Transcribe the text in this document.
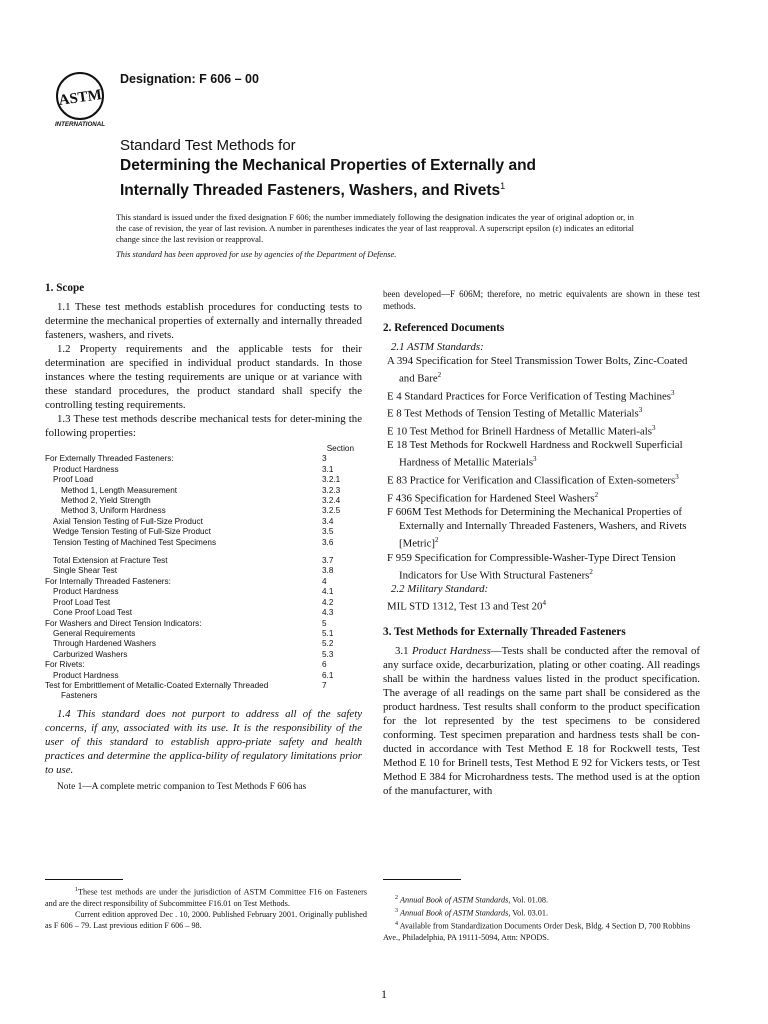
ASTM
INTERNATIONAL
Designation: F 606 – 00
Standard Test Methods for
Determining the Mechanical Properties of Externally and
Internally Threaded Fasteners, Washers, and Rivets$^1$

This standard is issued under the fixed designation F 606; the number immediately following the designation indicates the year of original adoption or, in the case of revision, the year of last revision. A number in parentheses indicates the year of last reapproval. A superscript epsilon (ε) indicates an editorial change since the last revision or reapproval.

This standard has been approved for use by agencies of the Department of Defense.

1. Scope

1.1 These test methods establish procedures for conducting tests to determine the mechanical properties of externally and internally threaded fasteners, washers, and rivets.

1.2 Property requirements and the applicable tests for their determination are specified in individual product standards. In those instances where the testing requirements are unique or at variance with these standard procedures, the product standard shall specify the controlling testing requirements.

1.3 These test methods describe mechanical tests for deter-mining the following properties:

Section
For Externally Threaded Fasteners:	3
Product Hardness	3.1
Proof Load	3.2.1
Method 1, Length Measurement	3.2.3
Method 2, Yield Strength	3.2.4
Method 3, Uniform Hardness	3.2.5
Axial Tension Testing of Full-Size Product	3.4
Wedge Tension Testing of Full-Size Product	3.5
Tension Testing of Machined Test Specimens	3.6
Total Extension at Fracture Test	3.7
Single Shear Test	3.8
For Internally Threaded Fasteners:	4
Product Hardness	4.1
Proof Load Test	4.2
Cone Proof Load Test	4.3
For Washers and Direct Tension Indicators:	5
General Requirements	5.1
Through Hardened Washers	5.2
Carburized Washers	5.3
For Rivets:	6
Product Hardness	6.1
Test for Embrittlement of Metallic-Coated Externally Threaded	7
Fasteners

1.4 This standard does not purport to address all of the safety concerns, if any, associated with its use. It is the responsibility of the user of this standard to establish appro-priate safety and health practices and determine the applica-bility of regulatory limitations prior to use.

Note 1—A complete metric companion to Test Methods F 606 has

been developed—F 606M; therefore, no metric equivalents are shown in these test methods.

2. Referenced Documents

2.1 ASTM Standards:

A 394 Specification for Steel Transmission Tower Bolts, Zinc-Coated and Bare$^2$

E 4 Standard Practices for Force Verification of Testing Machines$^3$

E 8 Test Methods of Tension Testing of Metallic Materials$^3$

E 10 Test Method for Brinell Hardness of Metallic Materi-als$^3$

E 18 Test Methods for Rockwell Hardness and Rockwell Superficial Hardness of Metallic Materials$^3$

E 83 Practice for Verification and Classification of Exten-someters$^3$

F 436 Specification for Hardened Steel Washers$^2$

F 606M Test Methods for Determining the Mechanical Properties of Externally and Internally Threaded Fasteners, Washers, and Rivets [Metric]$^2$

F 959 Specification for Compressible-Washer-Type Direct Tension Indicators for Use With Structural Fasteners$^2$

2.2 Military Standard:

MIL STD 1312, Test 13 and Test $20^4$

3. Test Methods for Externally Threaded Fasteners

3.1 Product Hardness—Tests shall be conducted after the removal of any surface oxide, decarburization, plating or other coating. All readings shall be within the hardness values listed in the product specification. The average of all readings on the same part shall be considered as the product hardness. Test results shall conform to the product specification for the lot represented by the test specimens to be considered conforming. Test specimen preparation and hardness tests shall be con- ducted in accordance with Test Method E 18 for Rockwell tests, Test Method E 10 for Brinell tests, Test Method E 92 for Vickers tests, or Test Method E 384 for Microhardness tests. The method used is at the option of the manufacturer, with

$^1$These test methods are under the jurisdiction of ASTM Committee F16 on Fasteners and are the direct responsibility of Subcommittee F16.01 on Test Methods.

Current edition approved Dec . 10, 2000. Published February 2001. Originally published as F 606 – 79. Last previous edition F 606 – 98.

$^2$ Annual Book of ASTM Standards, Vol. 01.08.

$^3$ Annual Book of ASTM Standards, Vol. 03.01.

$^4$ Available from Standardization Documents Order Desk, Bldg. 4 Section D, 700 Robbins Ave., Philadelphia, PA 19111-5094, Attn: NPODS.

1
